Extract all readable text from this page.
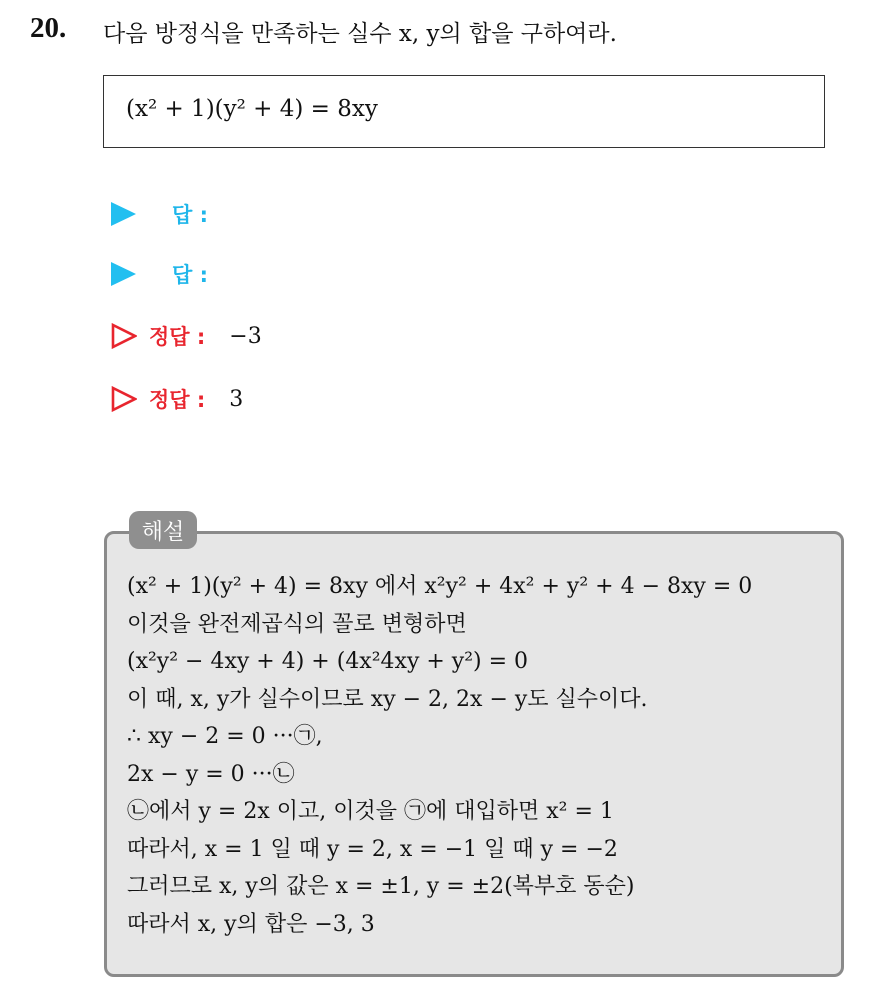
20. 다음 방정식을 만족하는 실수 x, y의 합을 구하여라.
(x² + 1)(y² + 4) = 8xy
답 :
답 :
정답 : −3
정답 : 3
(x² + 1)(y² + 4) = 8xy 에서 x²y² + 4x² + y² + 4 − 8xy = 0
이것을 완전제곱식의 꼴로 변형하면
(x²y² − 4xy + 4) + (4x²4xy + y²) = 0
이 때, x, y가 실수이므로 xy − 2, 2x − y도 실수이다.
∴ xy − 2 = 0 ···㉠,
2x − y = 0 ···㉡
㉡에서 y = 2x 이고, 이것을 ㉠에 대입하면 x² = 1
따라서, x = 1 일 때 y = 2, x = −1 일 때 y = −2
그러므로 x, y의 값은 x = ±1, y = ±2(복부호 동순)
따라서 x, y의 합은 −3, 3
해설
